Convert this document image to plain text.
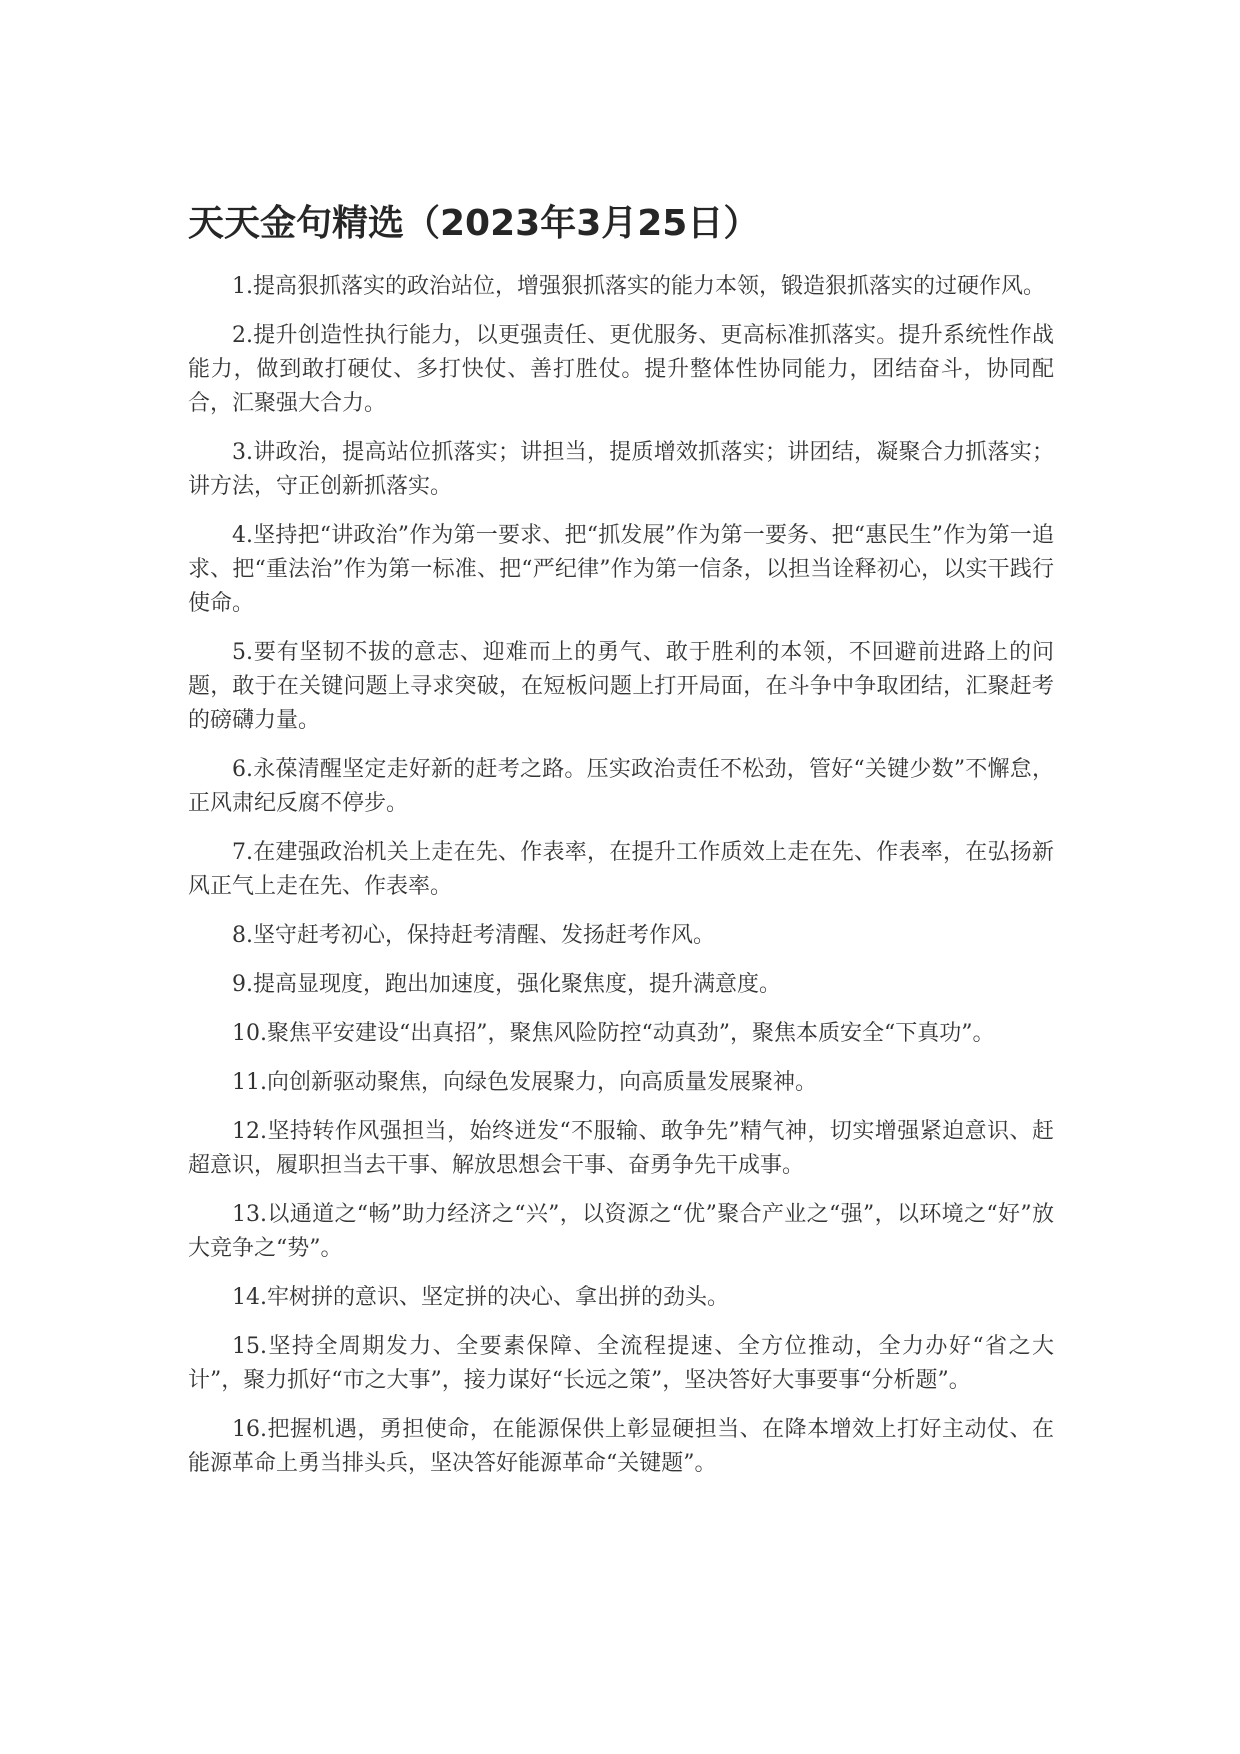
天天金句精选（2023年3月25日）

1.提高狠抓落实的政治站位，增强狠抓落实的能力本领，锻造狠抓落实的过硬作风。

2.提升创造性执行能力，以更强责任、更优服务、更高标准抓落实。提升系统性作战能力，做到敢打硬仗、多打快仗、善打胜仗。提升整体性协同能力，团结奋斗，协同配合，汇聚强大合力。

3.讲政治，提高站位抓落实；讲担当，提质增效抓落实；讲团结，凝聚合力抓落实；讲方法，守正创新抓落实。

4.坚持把“讲政治”作为第一要求、把“抓发展”作为第一要务、把“惠民生”作为第一追求、把“重法治”作为第一标准、把“严纪律”作为第一信条，以担当诠释初心，以实干践行使命。

5.要有坚韧不拔的意志、迎难而上的勇气、敢于胜利的本领，不回避前进路上的问题，敢于在关键问题上寻求突破，在短板问题上打开局面，在斗争中争取团结，汇聚赶考的磅礴力量。

6.永葆清醒坚定走好新的赶考之路。压实政治责任不松劲，管好“关键少数”不懈怠，正风肃纪反腐不停步。

7.在建强政治机关上走在先、作表率，在提升工作质效上走在先、作表率，在弘扬新风正气上走在先、作表率。

8.坚守赶考初心，保持赶考清醒、发扬赶考作风。

9.提高显现度，跑出加速度，强化聚焦度，提升满意度。

10.聚焦平安建设“出真招”，聚焦风险防控“动真劲”，聚焦本质安全“下真功”。

11.向创新驱动聚焦，向绿色发展聚力，向高质量发展聚神。

12.坚持转作风强担当，始终迸发“不服输、敢争先”精气神，切实增强紧迫意识、赶超意识，履职担当去干事、解放思想会干事、奋勇争先干成事。

13.以通道之“畅”助力经济之“兴”，以资源之“优”聚合产业之“强”，以环境之“好”放大竞争之“势”。

14.牢树拼的意识、坚定拼的决心、拿出拼的劲头。

15.坚持全周期发力、全要素保障、全流程提速、全方位推动，全力办好“省之大计”，聚力抓好“市之大事”，接力谋好“长远之策”，坚决答好大事要事“分析题”。

16.把握机遇，勇担使命，在能源保供上彰显硬担当、在降本增效上打好主动仗、在能源革命上勇当排头兵，坚决答好能源革命“关键题”。
